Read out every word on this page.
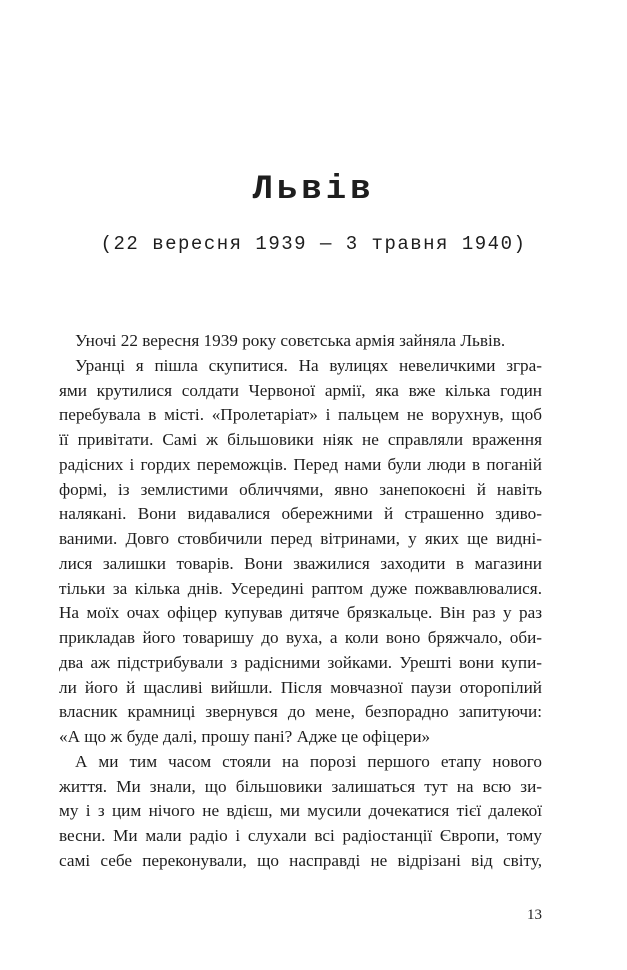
Львів

(22 вересня 1939 — 3 травня 1940)

Уночі 22 вересня 1939 року совєтська армія зайняла Львів.
Уранці я пішла скупитися. На вулицях невеличкими згра-
ями крутилися солдати Червоної армії, яка вже кілька годин
перебувала в місті. «Пролетаріат» і пальцем не ворухнув, щоб
її привітати. Самі ж більшовики ніяк не справляли враження
радісних і гордих переможців. Перед нами були люди в поганій
формі, із землистими обличчями, явно занепокоєні й навіть
налякані. Вони видавалися обережними й страшенно здиво-
ваними. Довго стовбичили перед вітринами, у яких ще видні-
лися залишки товарів. Вони зважилися заходити в магазини
тільки за кілька днів. Усередині раптом дуже пожвавлювалися.
На моїх очах офіцер купував дитяче брязкальце. Він раз у раз
прикладав його товаришу до вуха, а коли воно бряжчало, оби-
два аж підстрибували з радісними зойками. Урешті вони купи-
ли його й щасливі вийшли. Після мовчазної паузи оторопілий
власник крамниці звернувся до мене, безпорадно запитуючи:
«А що ж буде далі, прошу пані? Адже це офіцери»
А ми тим часом стояли на порозі першого етапу нового
життя. Ми знали, що більшовики залишаться тут на всю зи-
му і з цим нічого не вдієш, ми мусили дочекатися тієї далекої
весни. Ми мали радіо і слухали всі радіостанції Європи, тому
самі себе переконували, що насправді не відрізані від світу,

13
